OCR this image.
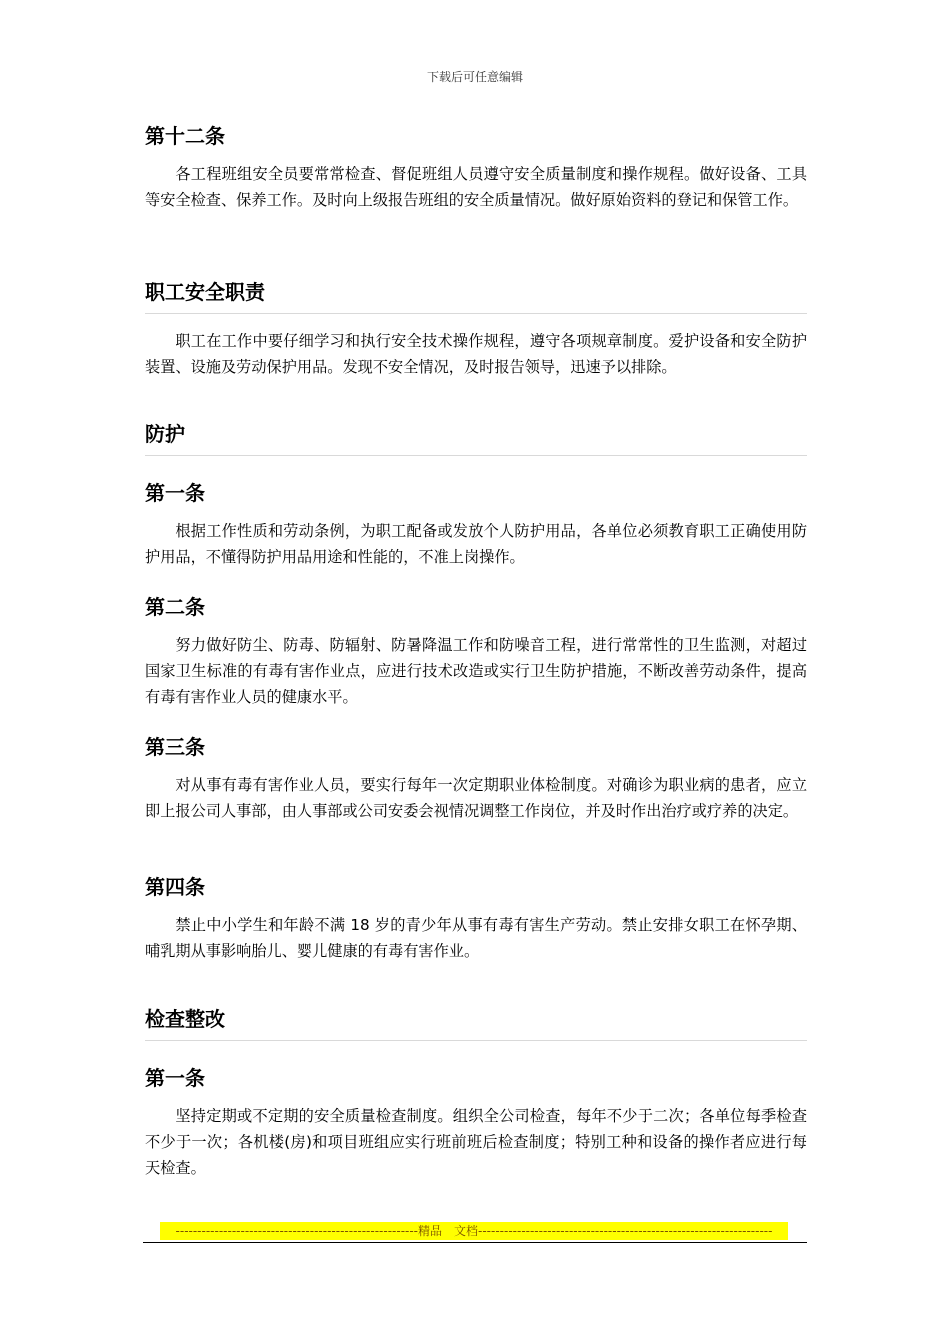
下载后可任意编辑
第十二条

各工程班组安全员要常常检查、督促班组人员遵守安全质量制度和操作规程。做好设备、工具等安全检查、保养工作。及时向上级报告班组的安全质量情况。做好原始资料的登记和保管工作。

职工安全职责

职工在工作中要仔细学习和执行安全技术操作规程，遵守各项规章制度。爱护设备和安全防护装置、设施及劳动保护用品。发现不安全情况，及时报告领导，迅速予以排除。

防护
第一条

根据工作性质和劳动条例，为职工配备或发放个人防护用品，各单位必须教育职工正确使用防护用品，不懂得防护用品用途和性能的，不准上岗操作。

第二条

努力做好防尘、防毒、防辐射、防暑降温工作和防噪音工程，进行常常性的卫生监测，对超过国家卫生标准的有毒有害作业点，应进行技术改造或实行卫生防护措施，不断改善劳动条件，提高有毒有害作业人员的健康水平。

第三条

对从事有毒有害作业人员，要实行每年一次定期职业体检制度。对确诊为职业病的患者，应立即上报公司人事部，由人事部或公司安委会视情况调整工作岗位，并及时作出治疗或疗养的决定。

第四条

禁止中小学生和年龄不满 18 岁的青少年从事有毒有害生产劳动。禁止安排女职工在怀孕期、哺乳期从事影响胎儿、婴儿健康的有毒有害作业。

检查整改
第一条

坚持定期或不定期的安全质量检查制度。组织全公司检查，每年不少于二次；各单位每季检查不少于一次；各机楼(房)和项目班组应实行班前班后检查制度；特别工种和设备的操作者应进行每天检查。

--------------------------------------------------------精品　文档--------------------------------------------------------------------
